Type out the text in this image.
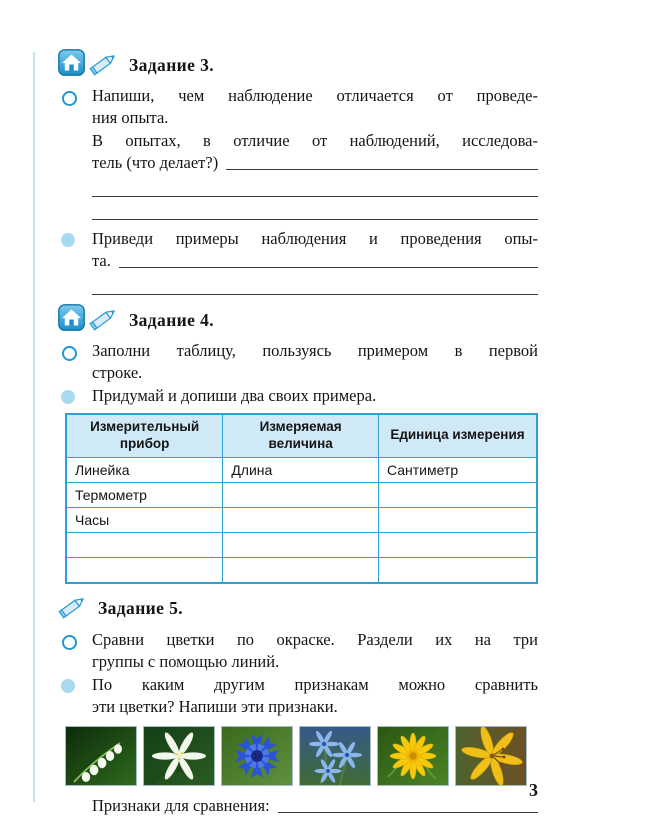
Задание 3.
Напиши, чем наблюдение отличается от проведе-
ния опыта.
В опытах, в отличие от наблюдений, исследова-
тель (что делает?)
Приведи примеры наблюдения и проведения опы-
та.
Задание 4.
Заполни таблицу, пользуясь примером в первой
строке.
Придумай и допиши два своих примера.
Измерительный прибор	Измеряемая величина	Единица измерения
Линейка	Длина	Сантиметр
Термометр		
Часы		

Задание 5.
Сравни цветки по окраске. Раздели их на три
группы с помощью линий.
По каким другим признакам можно сравнить
эти цветки? Напиши эти признаки.
Признаки для сравнения:
3
